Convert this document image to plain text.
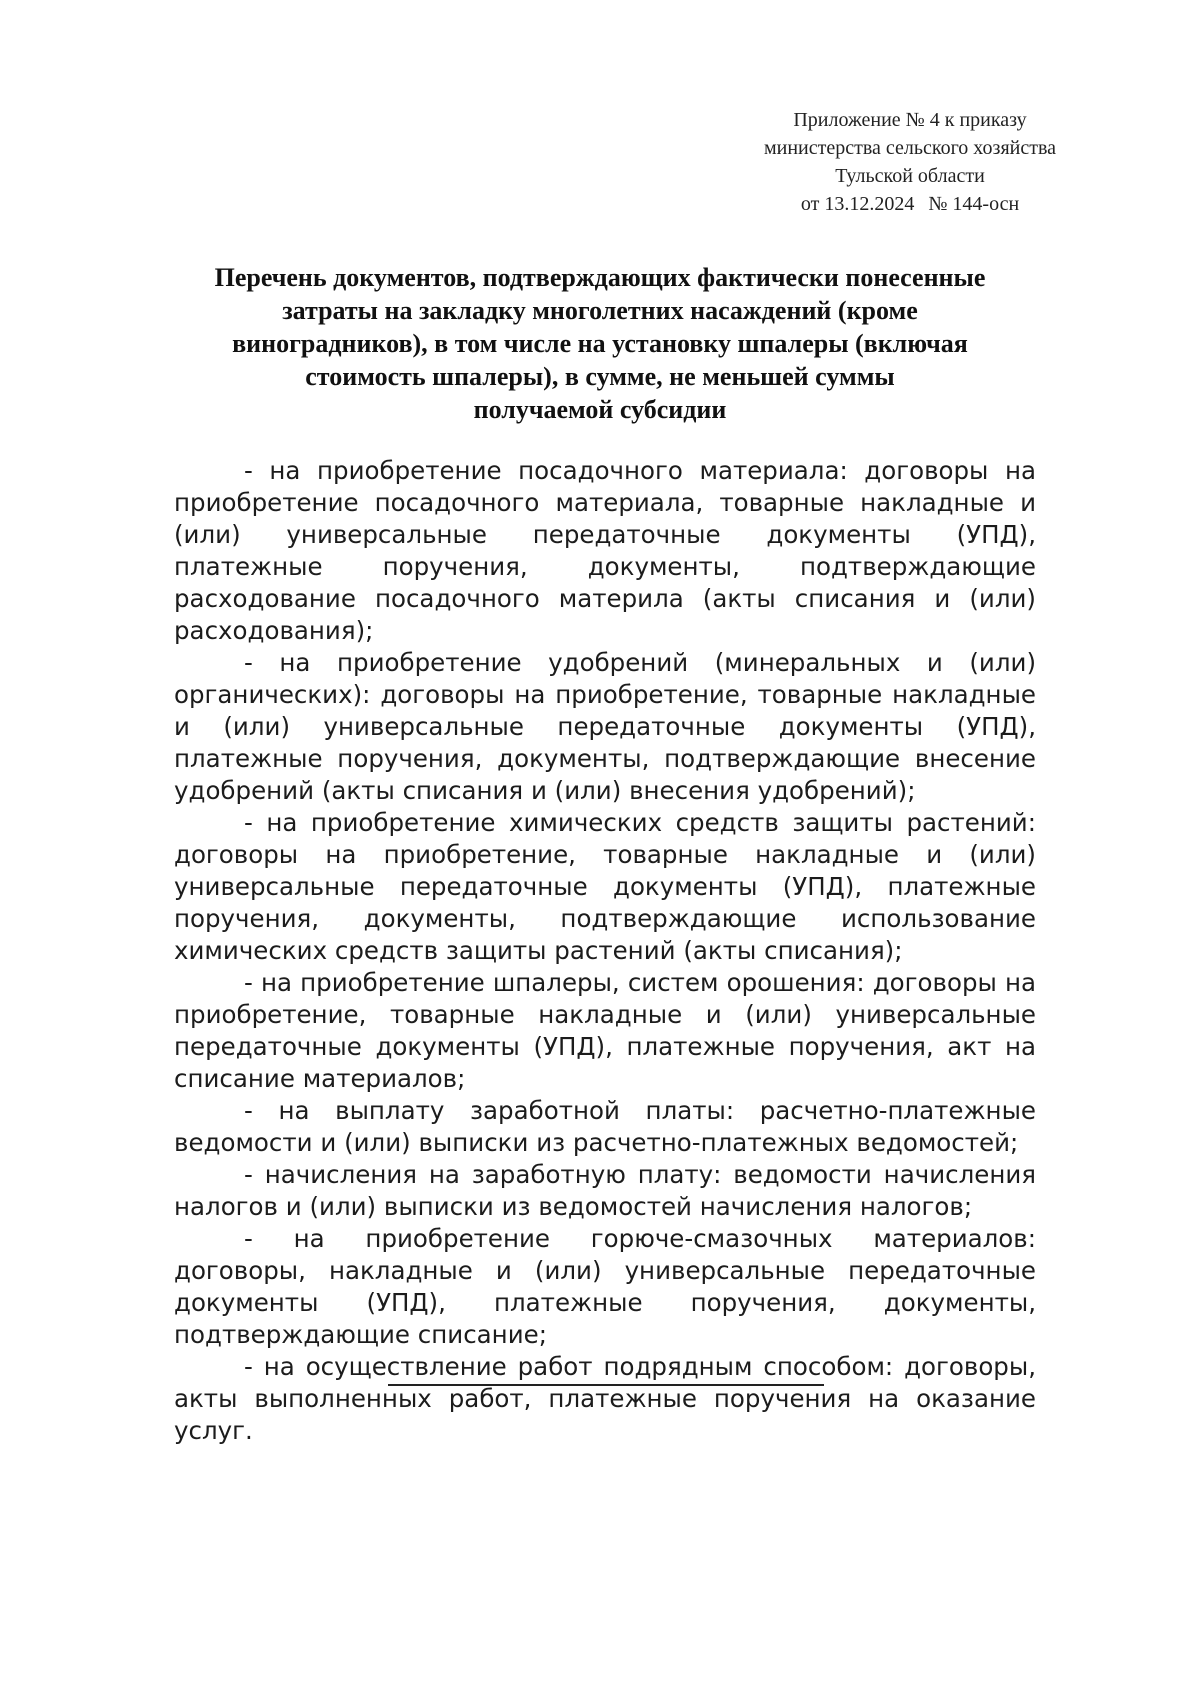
Приложение № 4 к приказу
министерства сельского хозяйства
Тульской области
от 13.12.2024 № 144-осн
Перечень документов, подтверждающих фактически понесенные
затраты на закладку многолетних насаждений (кроме
виноградников), в том числе на установку шпалеры (включая
стоимость шпалеры), в сумме, не меньшей суммы
получаемой субсидии

- на приобретение посадочного материала: договоры на приобретение посадочного материала, товарные накладные и (или) универсальные передаточные документы (УПД), платежные поручения, документы, подтверждающие расходование посадочного материла (акты списания и (или) расходования);

- на приобретение удобрений (минеральных и (или) органических): договоры на приобретение, товарные накладные и (или) универсальные передаточные документы (УПД), платежные поручения, документы, подтверждающие внесение удобрений (акты списания и (или) внесения удобрений);

- на приобретение химических средств защиты растений: договоры на приобретение, товарные накладные и (или) универсальные передаточные документы (УПД), платежные поручения, документы, подтверждающие использование химических средств защиты растений (акты списания);

- на приобретение шпалеры, систем орошения: договоры на приобретение, товарные накладные и (или) универсальные передаточные документы (УПД), платежные поручения, акт на списание материалов;

- на выплату заработной платы: расчетно-платежные ведомости и (или) выписки из расчетно-платежных ведомостей;

- начисления на заработную плату: ведомости начисления налогов и (или) выписки из ведомостей начисления налогов;

- на приобретение горюче-смазочных материалов: договоры, накладные и (или) универсальные передаточные документы (УПД), платежные поручения, документы, подтверждающие списание;

- на осуществление работ подрядным способом: договоры, акты выполненных работ, платежные поручения на оказание услуг.
